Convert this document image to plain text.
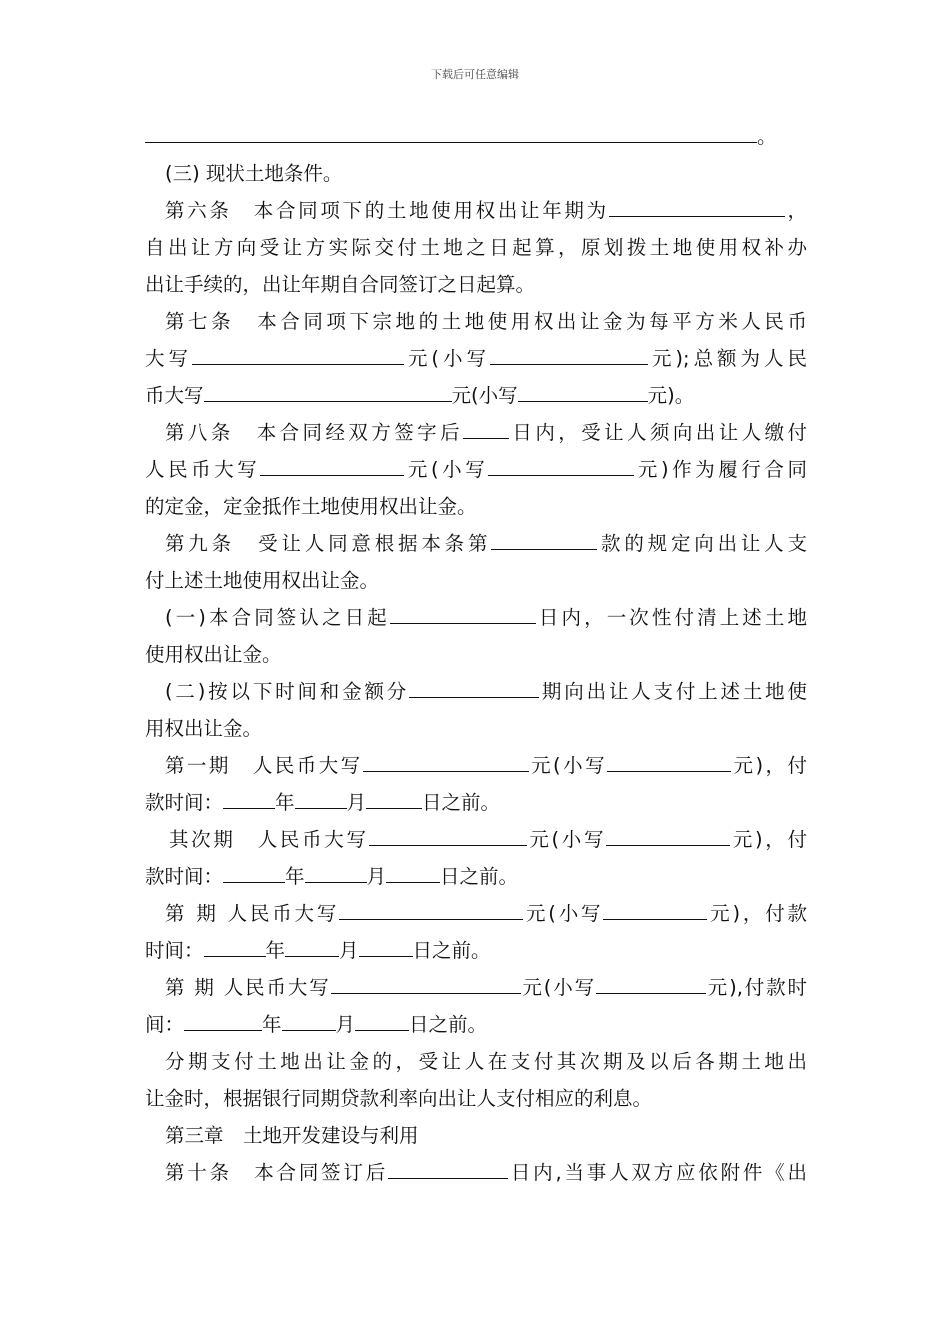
下载后可任意编辑
。
(三) 现状土地条件。
第六条　本合同项下的土地使用权出让年期为	，
自出让方向受让方实际交付土地之日起算，原划拨土地使用权补办
出让手续的，出让年期自合同签订之日起算。
第七条　本合同项下宗地的土地使用权出让金为每平方米人民币
大写	元(小写	元);总额为人民
币大写	元(小写	元)。
第八条　本合同经双方签字后 日内，受让人须向出让人缴付
人民币大写	元(小写	元)作为履行合同
的定金，定金抵作土地使用权出让金。
第九条　受让人同意根据本条第	款的规定向出让人支
付上述土地使用权出让金。
(一)本合同签认之日起	日内，一次性付清上述土地
使用权出让金。
(二)按以下时间和金额分	期向出让人支付上述土地使
用权出让金。
第一期　人民币大写	元(小写	元)，付
款时间：	年	月	日之前。
其次期　人民币大写	元(小写	元)，付
款时间：	年	月	日之前。
第 期 人民币大写	元(小写	元)，付款
时间：	年	月	日之前。
第 期 人民币大写	元(小写	元),付款时
间：	年	月	日之前。
分期支付土地出让金的，受让人在支付其次期及以后各期土地出
让金时，根据银行同期贷款利率向出让人支付相应的利息。
第三章　土地开发建设与利用
第十条　本合同签订后	日内,当事人双方应依附件《出
